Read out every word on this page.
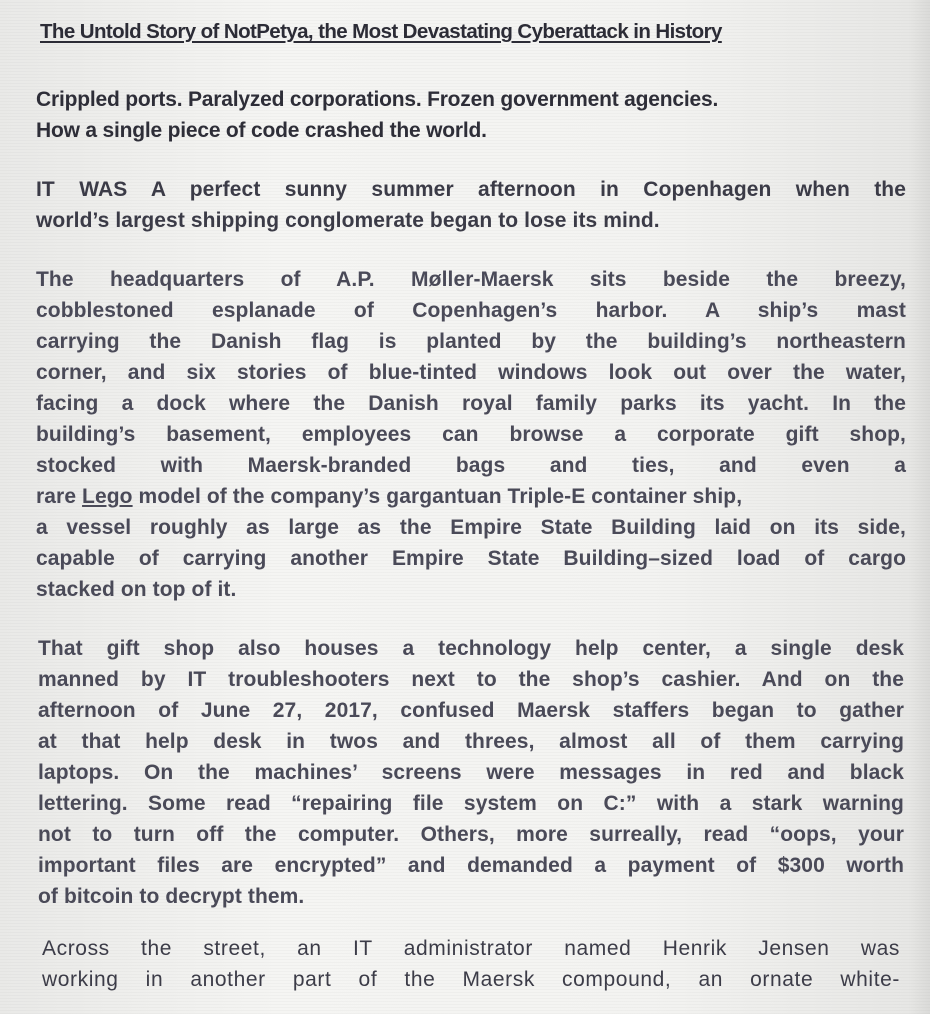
The Untold Story of NotPetya, the Most Devastating Cyberattack in History
Crippled ports. Paralyzed corporations. Frozen government agencies.
How a single piece of code crashed the world.
IT WAS A perfect sunny summer afternoon in Copenhagen when the
world’s largest shipping conglomerate began to lose its mind.
The headquarters of A.P. Møller-Maersk sits beside the breezy,
cobblestoned esplanade of Copenhagen’s harbor. A ship’s mast
carrying the Danish flag is planted by the building’s northeastern
corner, and six stories of blue-tinted windows look out over the water,
facing a dock where the Danish royal family parks its yacht. In the
building’s basement, employees can browse a corporate gift shop,
stocked with Maersk-branded bags and ties, and even a
rare Lego model of the company’s gargantuan Triple-E container ship,
a vessel roughly as large as the Empire State Building laid on its side,
capable of carrying another Empire State Building–sized load of cargo
stacked on top of it.
That gift shop also houses a technology help center, a single desk
manned by IT troubleshooters next to the shop’s cashier. And on the
afternoon of June 27, 2017, confused Maersk staffers began to gather
at that help desk in twos and threes, almost all of them carrying
laptops. On the machines’ screens were messages in red and black
lettering. Some read “repairing file system on C:” with a stark warning
not to turn off the computer. Others, more surreally, read “oops, your
important files are encrypted” and demanded a payment of $300 worth
of bitcoin to decrypt them.
Across the street, an IT administrator named Henrik Jensen was
working in another part of the Maersk compound, an ornate white-
